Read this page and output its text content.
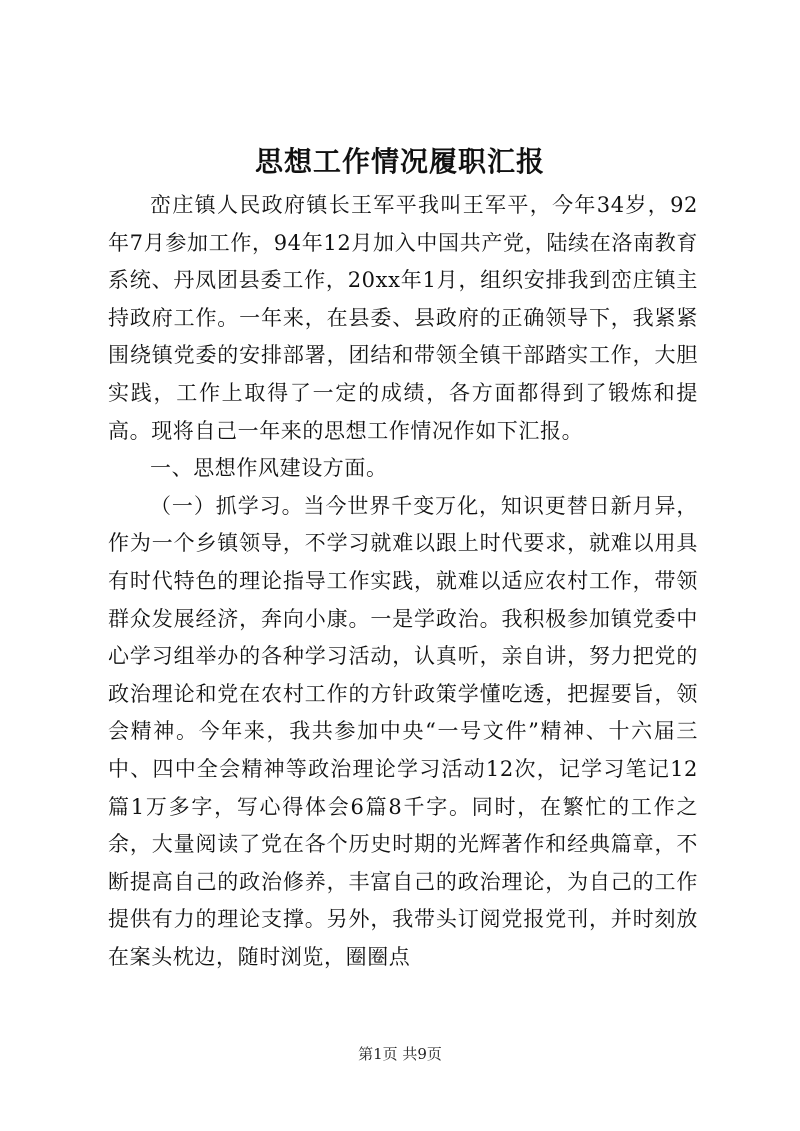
思想工作情况履职汇报

峦庄镇人民政府镇长王军平我叫王军平，今年34岁，92年7月参加工作，94年12月加入中国共产党，陆续在洛南教育系统、丹凤团县委工作，20xx年1月，组织安排我到峦庄镇主持政府工作。一年来，在县委、县政府的正确领导下，我紧紧围绕镇党委的安排部署，团结和带领全镇干部踏实工作，大胆实践，工作上取得了一定的成绩，各方面都得到了锻炼和提高。现将自己一年来的思想工作情况作如下汇报。

一、思想作风建设方面。

（一）抓学习。当今世界千变万化，知识更替日新月异，作为一个乡镇领导，不学习就难以跟上时代要求，就难以用具有时代特色的理论指导工作实践，就难以适应农村工作，带领群众发展经济，奔向小康。一是学政治。我积极参加镇党委中心学习组举办的各种学习活动，认真听，亲自讲，努力把党的政治理论和党在农村工作的方针政策学懂吃透，把握要旨，领会精神。今年来，我共参加中央“一号文件”精神、十六届三中、四中全会精神等政治理论学习活动12次，记学习笔记12篇1万多字，写心得体会6篇8千字。同时，在繁忙的工作之余，大量阅读了党在各个历史时期的光辉著作和经典篇章，不断提高自己的政治修养，丰富自己的政治理论，为自己的工作提供有力的理论支撑。另外，我带头订阅党报党刊，并时刻放在案头枕边，随时浏览，圈圈点

第1页 共9页
